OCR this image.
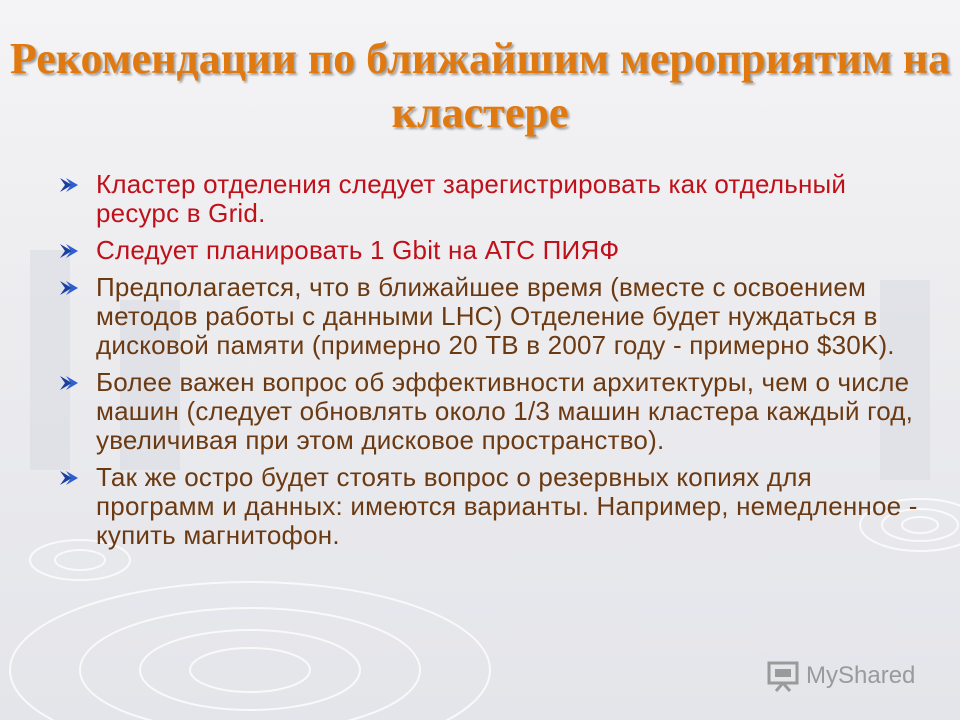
Рекомендации по ближайшим мероприятим на кластере
Кластер отделения следует зарегистрировать как отдельный ресурс в Grid.
Следует планировать 1 Gbit на АТС ПИЯФ
Предполагается, что в ближайшее время (вместе с освоением методов работы с данными LHC) Отделение будет нуждаться в дисковой памяти (примерно 20 TB в 2007 году - примерно $30K).
Более важен вопрос об эффективности архитектуры, чем о числе машин (следует обновлять около 1/3 машин кластера каждый год, увеличивая при этом дисковое пространство).
Так же остро будет стоять вопрос о резервных копиях для программ и данных: имеются варианты. Например, немедленное - купить магнитофон.
MyShared
